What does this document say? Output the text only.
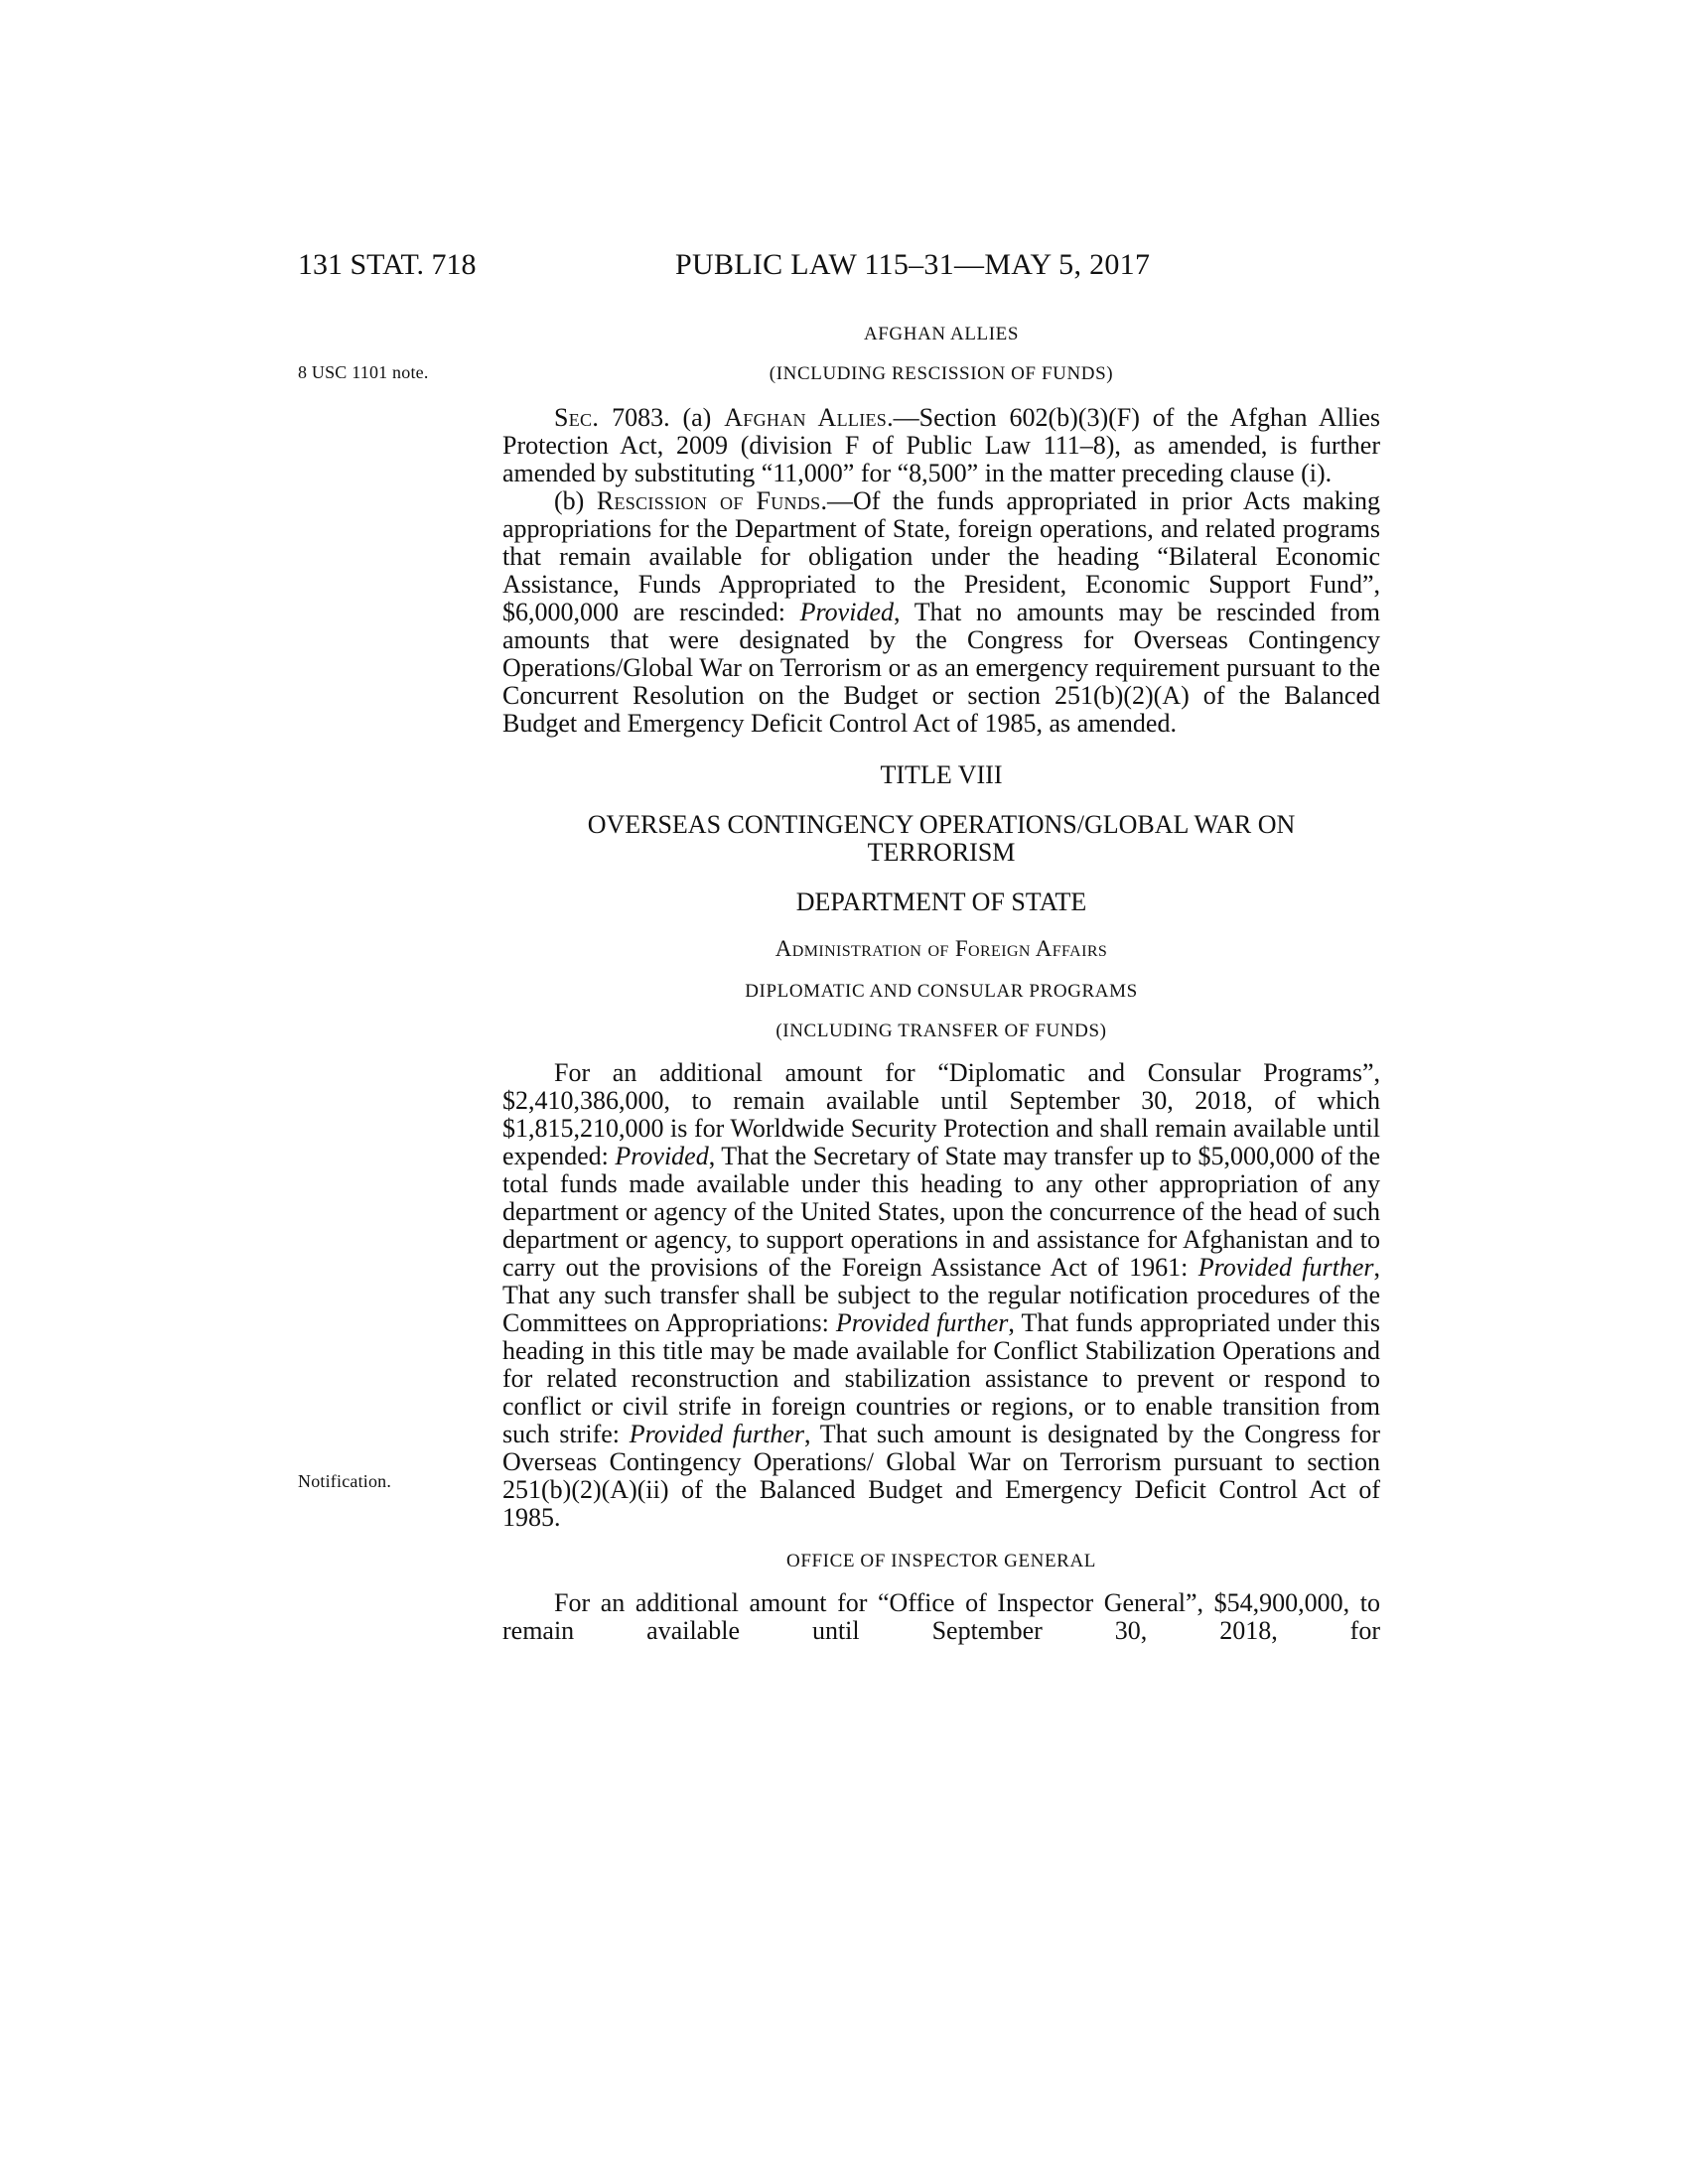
131 STAT. 718	PUBLIC LAW 115–31—MAY 5, 2017
8 USC 1101 note.
Notification.
AFGHAN ALLIES
(INCLUDING RESCISSION OF FUNDS)

Sec. 7083. (a) Afghan Allies.—Section 602(b)(3)(F) of the Afghan Allies Protection Act, 2009 (division F of Public Law 111–8), as amended, is further amended by substituting “11,000” for “8,500” in the matter preceding clause (i).

(b) Rescission of Funds.—Of the funds appropriated in prior Acts making appropriations for the Department of State, foreign operations, and related programs that remain available for obligation under the heading “Bilateral Economic Assistance, Funds Appropriated to the President, Economic Support Fund”, $6,000,000 are rescinded: Provided, That no amounts may be rescinded from amounts that were designated by the Congress for Overseas Contingency Operations/Global War on Terrorism or as an emergency requirement pursuant to the Concurrent Resolution on the Budget or section 251(b)(2)(A) of the Balanced Budget and Emergency Deficit Control Act of 1985, as amended.

TITLE VIII
OVERSEAS CONTINGENCY OPERATIONS/GLOBAL WAR ON TERRORISM
DEPARTMENT OF STATE
Administration of Foreign Affairs
DIPLOMATIC AND CONSULAR PROGRAMS
(INCLUDING TRANSFER OF FUNDS)

For an additional amount for “Diplomatic and Consular Programs”, $2,410,386,000, to remain available until September 30, 2018, of which $1,815,210,000 is for Worldwide Security Protection and shall remain available until expended: Provided, That the Secretary of State may transfer up to $5,000,000 of the total funds made available under this heading to any other appropriation of any department or agency of the United States, upon the concurrence of the head of such department or agency, to support operations in and assistance for Afghanistan and to carry out the provisions of the Foreign Assistance Act of 1961: Provided further, That any such transfer shall be subject to the regular notification procedures of the Committees on Appropriations: Provided further, That funds appropriated under this heading in this title may be made available for Conflict Stabilization Operations and for related reconstruction and stabilization assistance to prevent or respond to conflict or civil strife in foreign countries or regions, or to enable transition from such strife: Provided further, That such amount is designated by the Congress for Overseas Contingency Operations/ Global War on Terrorism pursuant to section 251(b)(2)(A)(ii) of the Balanced Budget and Emergency Deficit Control Act of 1985.

OFFICE OF INSPECTOR GENERAL

For an additional amount for “Office of Inspector General”, $54,900,000, to remain available until September 30, 2018, for
